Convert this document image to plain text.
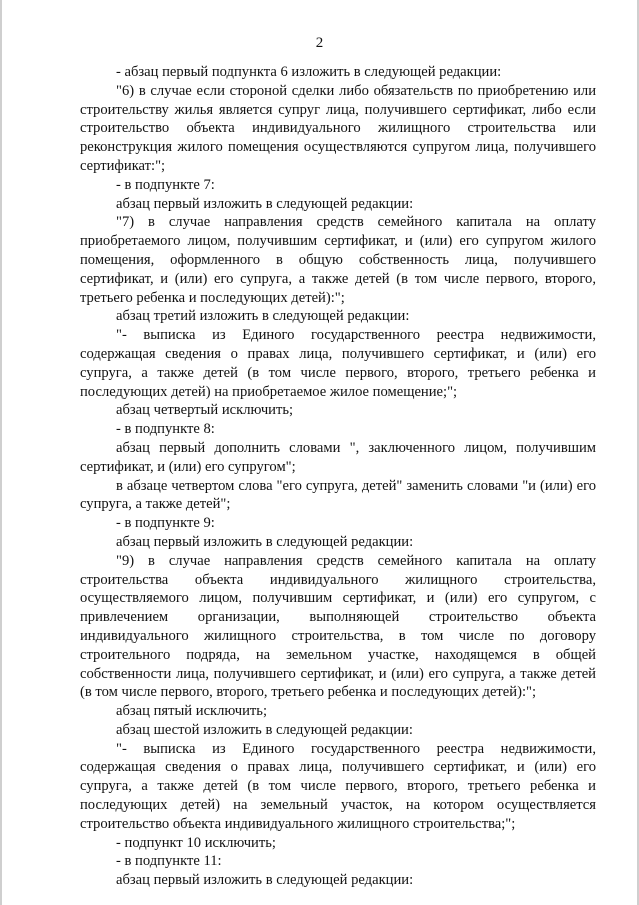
2

- абзац первый подпункта 6 изложить в следующей редакции:

"6) в случае если стороной сделки либо обязательств по приобретению или строительству жилья является супруг лица, получившего сертификат, либо если строительство объекта индивидуального жилищного строительства или реконструкция жилого помещения осуществляются супругом лица, получившего сертификат:";

- в подпункте 7:

абзац первый изложить в следующей редакции:

"7) в случае направления средств семейного капитала на оплату приобретаемого лицом, получившим сертификат, и (или) его супругом жилого помещения, оформленного в общую собственность лица, получившего сертификат, и (или) его супруга, а также детей (в том числе первого, второго, третьего ребенка и последующих детей):";

абзац третий изложить в следующей редакции:

"- выписка из Единого государственного реестра недвижимости, содержащая сведения о правах лица, получившего сертификат, и (или) его супруга, а также детей (в том числе первого, второго, третьего ребенка и последующих детей) на приобретаемое жилое помещение;";

абзац четвертый исключить;

- в подпункте 8:

абзац первый дополнить словами ", заключенного лицом, получившим сертификат, и (или) его супругом";

в абзаце четвертом слова "его супруга, детей" заменить словами "и (или) его супруга, а также детей";

- в подпункте 9:

абзац первый изложить в следующей редакции:

"9) в случае направления средств семейного капитала на оплату строительства объекта индивидуального жилищного строительства, осуществляемого лицом, получившим сертификат, и (или) его супругом, с привлечением организации, выполняющей строительство объекта индивидуального жилищного строительства, в том числе по договору строительного подряда, на земельном участке, находящемся в общей собственности лица, получившего сертификат, и (или) его супруга, а также детей (в том числе первого, второго, третьего ребенка и последующих детей):";

абзац пятый исключить;

абзац шестой изложить в следующей редакции:

"- выписка из Единого государственного реестра недвижимости, содержащая сведения о правах лица, получившего сертификат, и (или) его супруга, а также детей (в том числе первого, второго, третьего ребенка и последующих детей) на земельный участок, на котором осуществляется строительство объекта индивидуального жилищного строительства;";

- подпункт 10 исключить;

- в подпункте 11:

абзац первый изложить в следующей редакции:
